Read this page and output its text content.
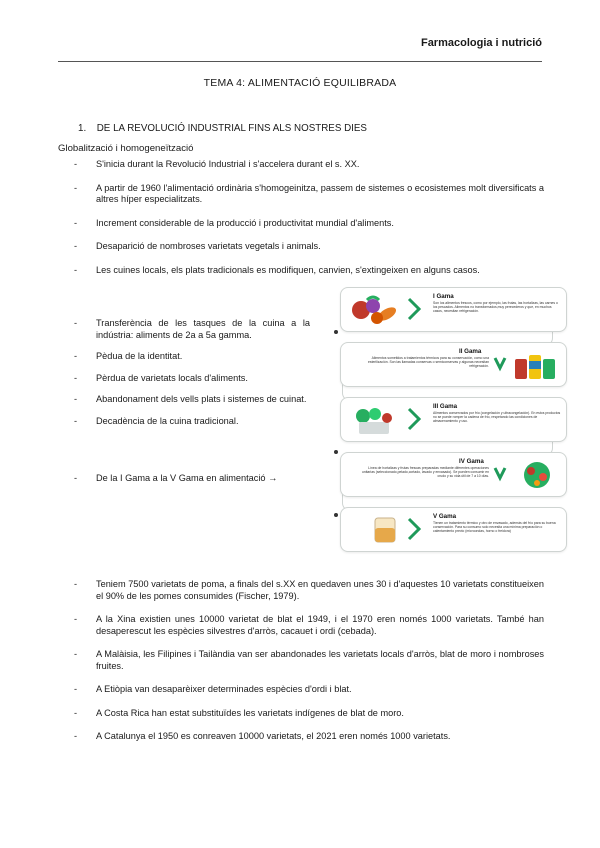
Farmacologia i nutrició
TEMA 4: ALIMENTACIÓ EQUILIBRADA
1. DE LA REVOLUCIÓ INDUSTRIAL FINS ALS NOSTRES DIES
Globalització i homogeneïtzació
- S'inicia durant la Revolució Industrial i s'accelera durant el s. XX.
- A partir de 1960 l'alimentació ordinària s'homogeinitza, passem de sistemes o ecosistemes molt diversificats a altres híper especialitzats.
- Increment considerable de la producció i productivitat mundial d'aliments.
- Desaparició de nombroses varietats vegetals i animals.
- Les cuines locals, els plats tradicionals es modifiquen, canvien, s'extingeixen en alguns casos.
- Transferència de les tasques de la cuina a la indústria: aliments de 2a a 5a gamma.
- Pèdua de la identitat.
- Pèrdua de varietats locals d'aliments.
- Abandonament dels vells plats i sistemes de cuinat.
- Decadència de la cuina tradicional.
- De la I Gama a la V Gama en alimentació →
I Gama
Son los alimentos frescos, como por ejemplo, las frutas, las hortalizas, las carnes o los pescados. Alimentos no transformados,muy perecederos y que, en muchos casos, necesitan refrigeración.
II Gama
Alimentos sometidos a tratamientos térmicos para su conservación, como una esterilización. Son las llamadas conservas o semiconservas y algunas necesitan refrigeración.
III Gama
Alimentos conservados por frío (congelación y ultracongelación). En estos productos no se puede romper la cadena de frío, respetando las condiciones de almacenamiento y uso.
IV Gama
Línea de hortalizas y frutas frescas preparadas mediante diferentes operaciones unitarias (seleccionado,pelado,cortado, lavado y envasado). Se pueden consumir en crudo y su vida útil de 7 a 10 días.
V Gama
Tienen un tratamiento térmico y otro de envasado, además del frío para su buena conservación. Para su consumo solo necesita una mínima preparación o calentamiento previo (microondas, horno o freidora)
- Teniem 7500 varietats de poma, a finals del s.XX en quedaven unes 30 i d'aquestes 10 varietats constitueixen el 90% de les pomes consumides (Fischer, 1979).
- A la Xina existien unes 10000 varietat de blat el 1949, i el 1970 eren només 1000 varietats. També han desaperescut les espècies silvestres d'arròs, cacauet i ordi (cebada).
- A Malàisia, les Filipines i Tailàndia van ser abandonades les varietats locals d'arròs, blat de moro i nombroses fruites.
- A Etiòpia van desaparèixer determinades espècies d'ordi i blat.
- A Costa Rica han estat substituïdes les varietats indígenes de blat de moro.
- A Catalunya el 1950 es conreaven 10000 varietats, el 2021 eren només 1000 varietats.
